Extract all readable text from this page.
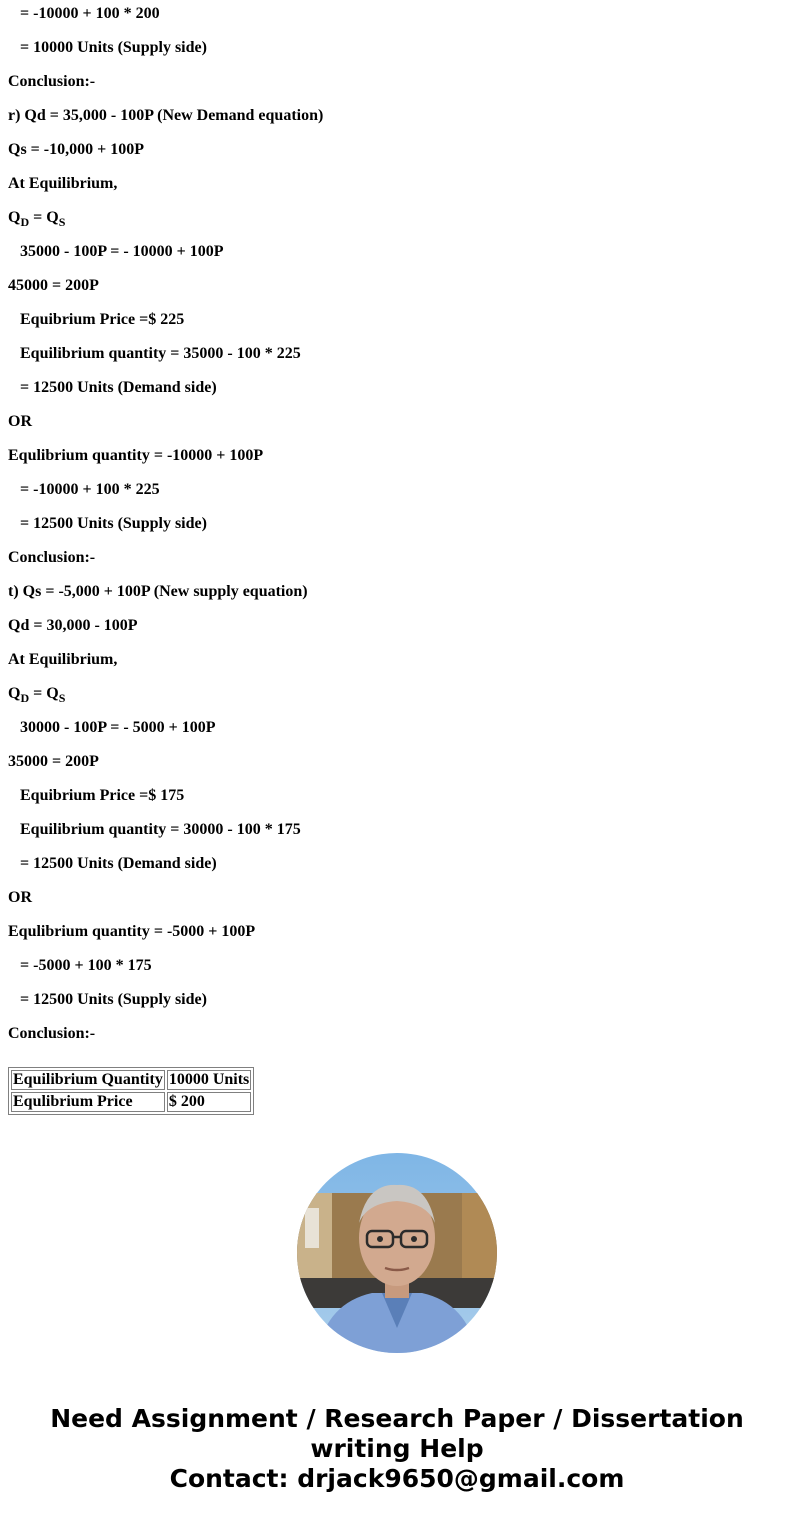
= -10000 + 100 * 200
= 10000 Units (Supply side)
Conclusion:-
r) Qd = 35,000 - 100P (New Demand equation)
Qs = -10,000 + 100P
At Equilibrium,
$Q_D = Q_S$
35000 - 100P = - 10000 + 100P
45000 = 200P
Equibrium Price =$ 225
Equilibrium quantity = 35000 - 100 * 225
= 12500 Units (Demand side)
OR
Equlibrium quantity = -10000 + 100P
= -10000 + 100 * 225
= 12500 Units (Supply side)
Conclusion:-
t) Qs = -5,000 + 100P (New supply equation)
Qd = 30,000 - 100P
At Equilibrium,
$Q_D = Q_S$
30000 - 100P = - 5000 + 100P
35000 = 200P
Equibrium Price =$ 175
Equilibrium quantity = 30000 - 100 * 175
= 12500 Units (Demand side)
OR
Equlibrium quantity = -5000 + 100P
= -5000 + 100 * 175
= 12500 Units (Supply side)
Conclusion:-
Equilibrium Quantity	10000 Units
Equlibrium Price	$ 200
Need Assignment / Research Paper / Dissertation
writing Help
Contact: drjack9650@gmail.com
